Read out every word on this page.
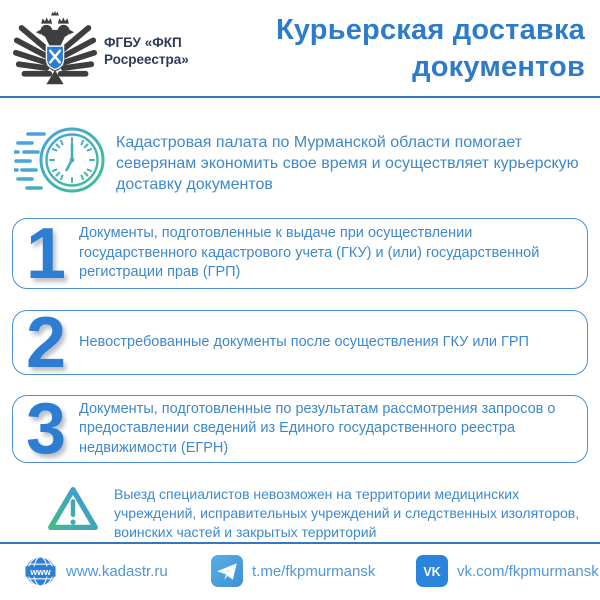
ФГБУ «ФКП
Росреестра»
Курьерская доставка
документов
Кадастровая палата по Мурманской области помогает северянам экономить свое время и осуществляет курьерскую доставку документов
1 Документы, подготовленные к выдаче при осуществлении государственного кадастрового учета (ГКУ) и (или) государственной регистрации прав (ГРП)
2 Невостребованные документы после осуществления ГКУ или ГРП
3 Документы, подготовленные по результатам рассмотрения запросов о предоставлении сведений из Единого государственного реестра недвижимости (ЕГРН)
Выезд специалистов невозможен на территории медицинских учреждений, исправительных учреждений и следственных изоляторов, воинских частей и закрытых территорий
www www.kadastr.ru	t.me/fkpmurmansk	VK vk.com/fkpmurmansk
